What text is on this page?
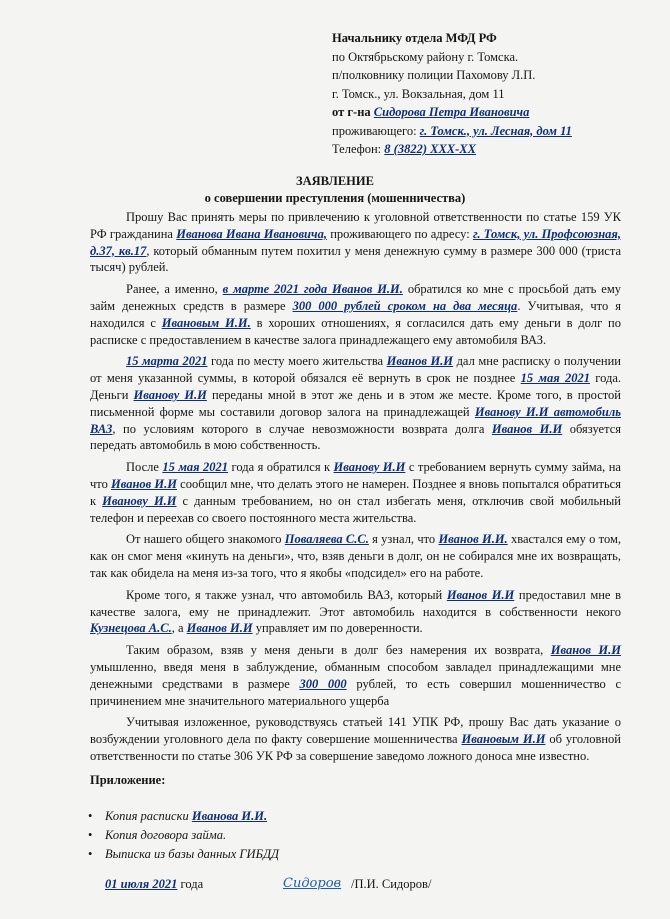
Начальнику отдела МФД РФ
по Октябрьскому району г. Томска.
п/полковнику полиции Пахомову Л.П.
г. Томск., ул. Вокзальная, дом 11
от г-на Сидорова Петра Ивановича
проживающего: г. Томск., ул. Лесная, дом 11
Телефон: 8 (3822) ХХХ-ХХ
ЗАЯВЛЕНИЕ
о совершении преступления (мошенничества)

Прошу Вас принять меры по привлечению к уголовной ответственности по статье 159 УК РФ гражданина Иванова Ивана Ивановича, проживающего по адресу: г. Томск, ул. Профсоюзная, д.37, кв.17, который обманным путем похитил у меня денежную сумму в размере 300 000 (триста тысяч) рублей.

Ранее, а именно, в марте 2021 года Иванов И.И. обратился ко мне с просьбой дать ему займ денежных средств в размере 300 000 рублей сроком на два месяца. Учитывая, что я находился с Ивановым И.И. в хороших отношениях, я согласился дать ему деньги в долг по расписке с предоставлением в качестве залога принадлежащего ему автомобиля ВАЗ.

15 марта 2021 года по месту моего жительства Иванов И.И дал мне расписку о получении от меня указанной суммы, в которой обязался её вернуть в срок не позднее 15 мая 2021 года. Деньги Иванову И.И переданы мной в этот же день и в этом же месте. Кроме того, в простой письменной форме мы составили договор залога на принадлежащей Иванову И.И автомобиль ВАЗ, по условиям которого в случае невозможности возврата долга Иванов И.И обязуется передать автомобиль в мою собственность.

После 15 мая 2021 года я обратился к Иванову И.И с требованием вернуть сумму займа, на что Иванов И.И сообщил мне, что делать этого не намерен. Позднее я вновь попытался обратиться к Иванову И.И с данным требованием, но он стал избегать меня, отключив свой мобильный телефон и переехав со своего постоянного места жительства.

От нашего общего знакомого Поваляева С.С. я узнал, что Иванов И.И. хвастался ему о том, как он смог меня «кинуть на деньги», что, взяв деньги в долг, он не собирался мне их возвращать, так как обидела на меня из-за того, что я якобы «подсидел» его на работе.

Кроме того, я также узнал, что автомобиль ВАЗ, который Иванов И.И предоставил мне в качестве залога, ему не принадлежит. Этот автомобиль находится в собственности некого Кузнецова А.С., а Иванов И.И управляет им по доверенности.

Таким образом, взяв у меня деньги в долг без намерения их возврата, Иванов И.И умышленно, введя меня в заблуждение, обманным способом завладел принадлежащими мне денежными средствами в размере 300 000 рублей, то есть совершил мошенничество с причинением мне значительного материального ущерба

Учитывая изложенное, руководствуясь статьей 141 УПК РФ, прошу Вас дать указание о возбуждении уголовного дела по факту совершение мошенничества Ивановым И.И об уголовной ответственности по статье 306 УК РФ за совершение заведомо ложного доноса мне известно.

Приложение:
• Копия расписки Иванова И.И.
• Копия договора займа.
• Выписка из базы данных ГИБДД
01 июля 2021 года	Сидоров /П.И. Сидоров/
